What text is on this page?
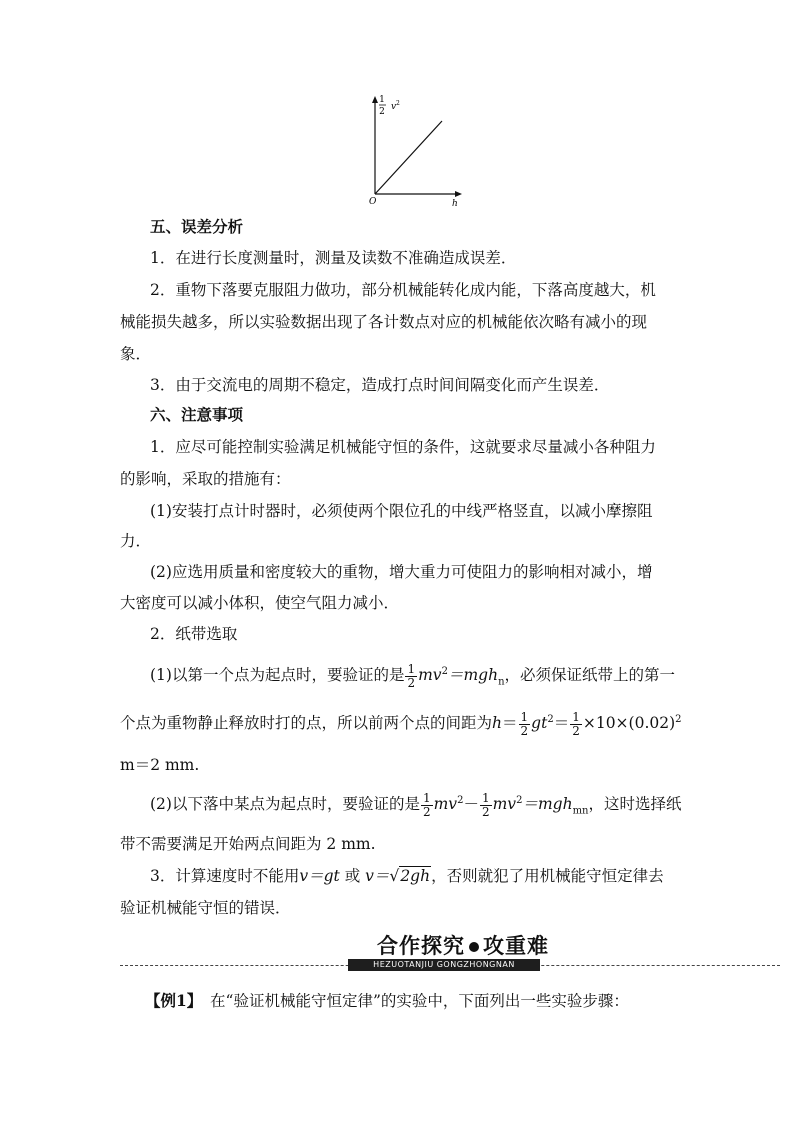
1
2 v 2
O	h
五、误差分析
1．在进行长度测量时，测量及读数不准确造成误差．
2．重物下落要克服阻力做功，部分机械能转化成内能，下落高度越大，机
械能损失越多，所以实验数据出现了各计数点对应的机械能依次略有减小的现
象．
3．由于交流电的周期不稳定，造成打点时间间隔变化而产生误差．
六、注意事项
1．应尽可能控制实验满足机械能守恒的条件，这就要求尽量减小各种阻力
的影响，采取的措施有：
(1)安装打点计时器时，必须使两个限位孔的中线严格竖直，以减小摩擦阻
力．
(2)应选用质量和密度较大的重物，增大重力可使阻力的影响相对减小，增
大密度可以减小体积，使空气阻力减小．
2．纸带选取
(1)以第一个点为起点时，要验证的是 $\frac{1}{2} mv^2=mgh_n$，必须保证纸带上的第一
个点为重物静止释放时打的点，所以前两个点的间距为$h= \frac{1}{2} gt^2= \frac{1}{2} \times 10\times(0.02)^2$
m＝2 mm.
(2)以下落中某点为起点时，要验证的是 $\frac{1}{2} mv^2- \frac{1}{2} mv^2=mgh_{mn}$，这时选择纸
带不需要满足开始两点间距为 2 mm.
3．计算速度时不能用v＝gt 或 v＝√2gh，否则就犯了用机械能守恒定律去
验证机械能守恒的错误．
合作探究 攻重难
HEZUOTANJIU GONGZHONGNAN
【例1】　在“验证机械能守恒定律”的实验中，下面列出一些实验步骤：
